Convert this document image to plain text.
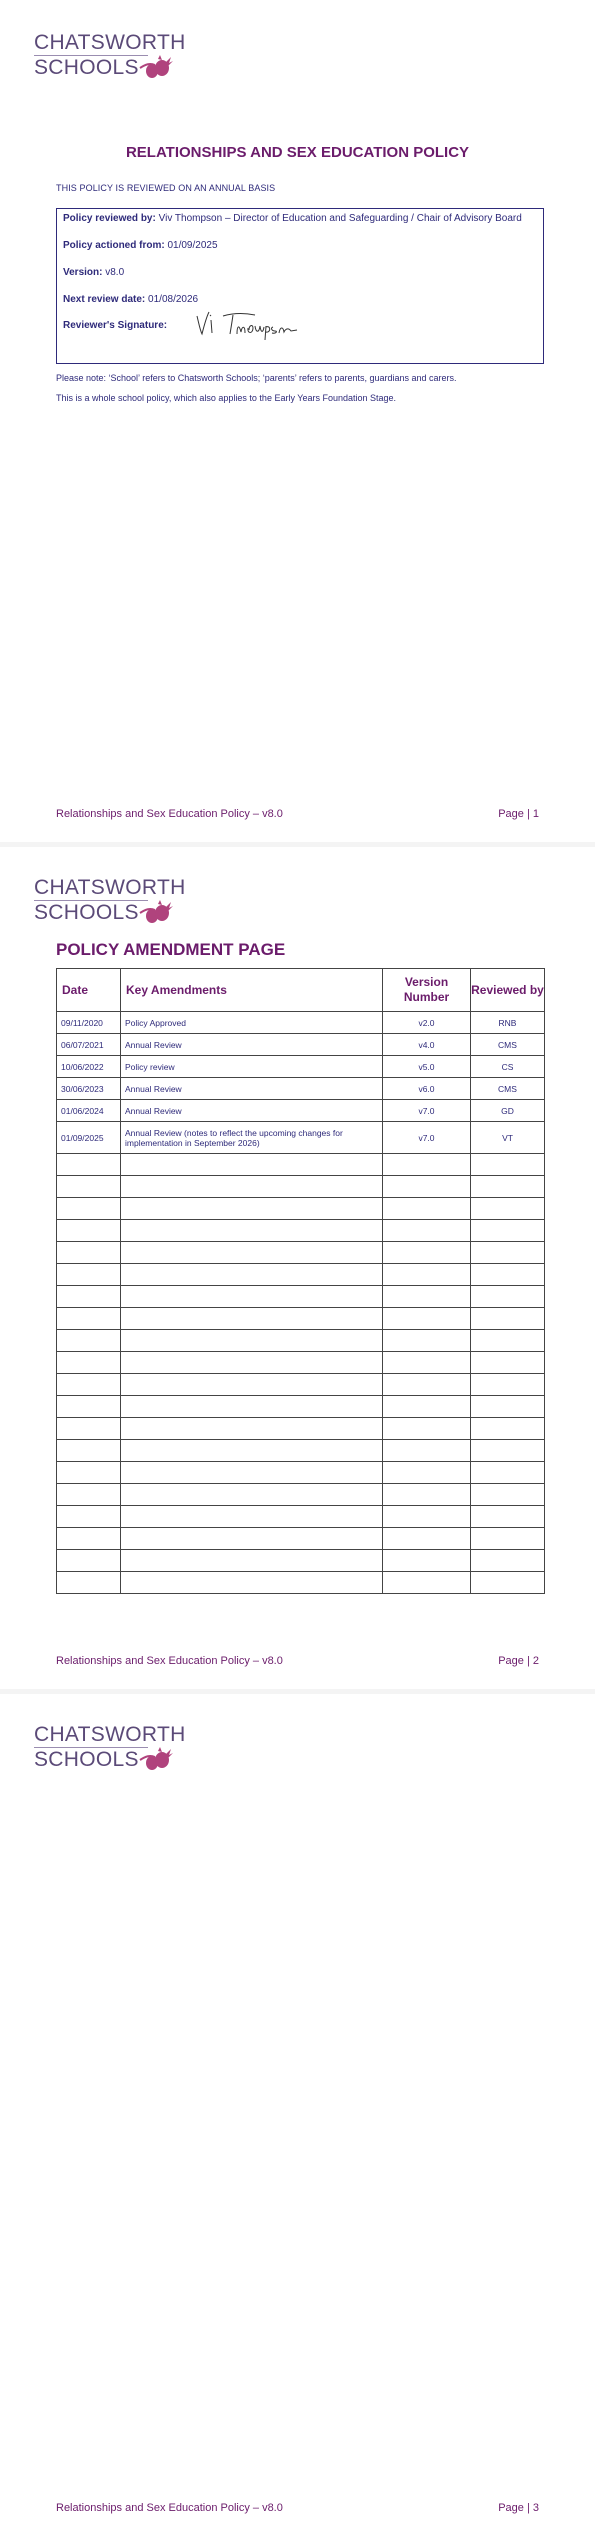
CHATSWORTH
SCHOOLS
RELATIONSHIPS AND SEX EDUCATION POLICY
THIS POLICY IS REVIEWED ON AN ANNUAL BASIS
Policy reviewed by: Viv Thompson – Director of Education and Safeguarding / Chair of Advisory Board
Policy actioned from: 01/09/2025
Version: v8.0
Next review date: 01/08/2026
Reviewer's Signature:
Please note: ‘School’ refers to Chatsworth Schools; ‘parents’ refers to parents, guardians and carers.
This is a whole school policy, which also applies to the Early Years Foundation Stage.
Relationships and Sex Education Policy – v8.0	Page | 1
CHATSWORTH
SCHOOLS
POLICY AMENDMENT PAGE
Date	Key Amendments	Version Number	Reviewed by
09/11/2020	Policy Approved	v2.0	RNB
06/07/2021	Annual Review	v4.0	CMS
10/06/2022	Policy review	v5.0	CS
30/06/2023	Annual Review	v6.0	CMS
01/06/2024	Annual Review	v7.0	GD
01/09/2025	Annual Review (notes to reflect the upcoming changes for implementation in September 2026)	v7.0	VT

Relationships and Sex Education Policy – v8.0	Page | 2
CHATSWORTH
SCHOOLS
Relationships and Sex Education Policy – v8.0	Page | 3
